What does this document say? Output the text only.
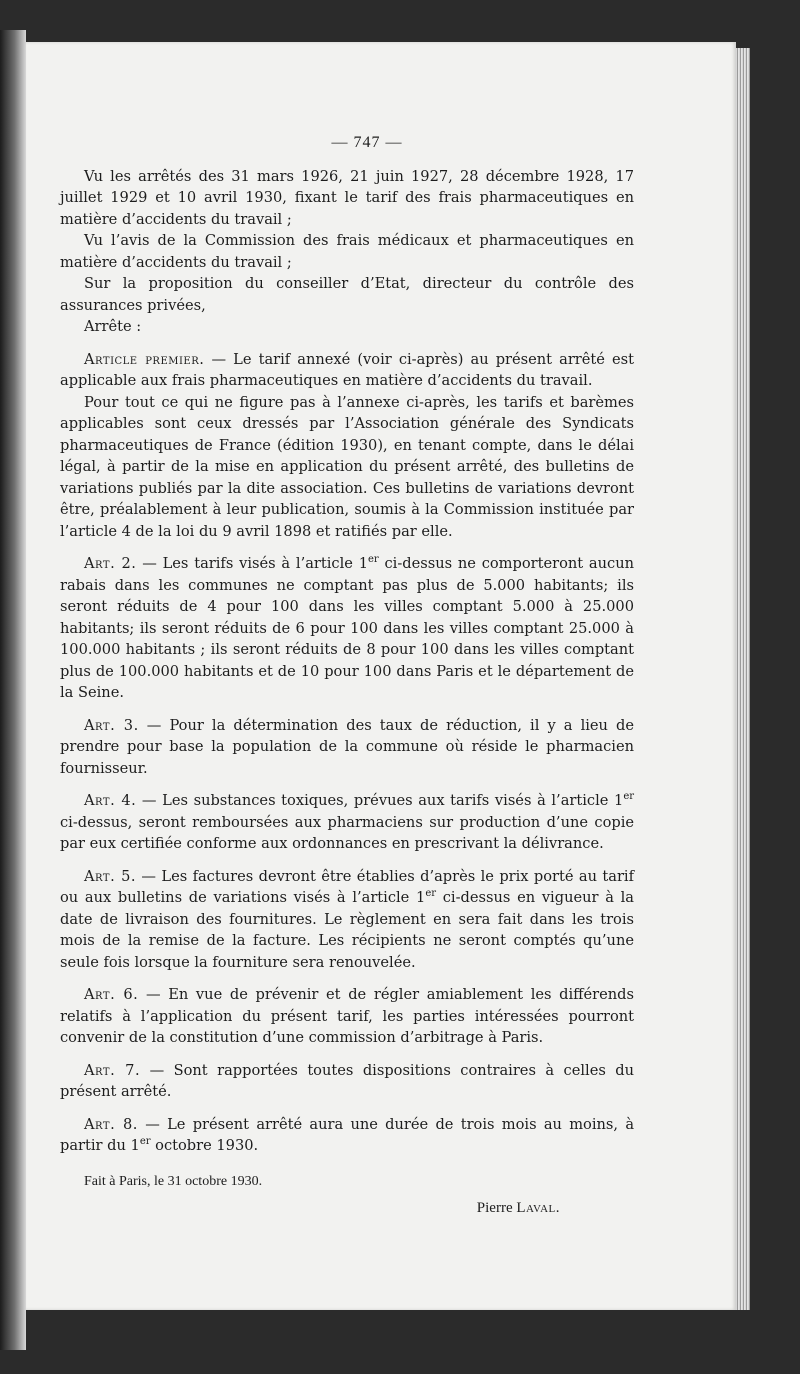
— 747 —

Vu les arrêtés des 31 mars 1926, 21 juin 1927, 28 décembre 1928, 17 juillet 1929 et 10 avril 1930, fixant le tarif des frais pharmaceutiques en matière d’accidents du travail ;

Vu l’avis de la Commission des frais médicaux et pharmaceutiques en matière d’accidents du travail ;

Sur la proposition du conseiller d’Etat, directeur du contrôle des assurances privées,

Arrête :

Article premier. — Le tarif annexé (voir ci-après) au présent arrêté est applicable aux frais pharmaceutiques en matière d’accidents du travail.

Pour tout ce qui ne figure pas à l’annexe ci-après, les tarifs et barèmes applicables sont ceux dressés par l’Association générale des Syndicats pharmaceutiques de France (édition 1930), en tenant compte, dans le délai légal, à partir de la mise en application du présent arrêté, des bulletins de variations publiés par la dite association. Ces bulletins de variations devront être, préalablement à leur publication, soumis à la Commission instituée par l’article 4 de la loi du 9 avril 1898 et ratifiés par elle.

Art. 2. — Les tarifs visés à l’article 1er ci-dessus ne comporteront aucun rabais dans les communes ne comptant pas plus de 5.000 habitants; ils seront réduits de 4 pour 100 dans les villes comptant 5.000 à 25.000 habitants; ils seront réduits de 6 pour 100 dans les villes comptant 25.000 à 100.000 habitants ; ils seront réduits de 8 pour 100 dans les villes comptant plus de 100.000 habitants et de 10 pour 100 dans Paris et le département de la Seine.

Art. 3. — Pour la détermination des taux de réduction, il y a lieu de prendre pour base la population de la commune où réside le pharmacien fournisseur.

Art. 4. — Les substances toxiques, prévues aux tarifs visés à l’article 1er ci-dessus, seront remboursées aux pharmaciens sur production d’une copie par eux certifiée conforme aux ordonnances en prescrivant la délivrance.

Art. 5. — Les factures devront être établies d’après le prix porté au tarif ou aux bulletins de variations visés à l’article 1er ci-dessus en vigueur à la date de livraison des fournitures. Le règlement en sera fait dans les trois mois de la remise de la facture. Les récipients ne seront comptés qu’une seule fois lorsque la fourniture sera renouvelée.

Art. 6. — En vue de prévenir et de régler amiablement les différends relatifs à l’application du présent tarif, les parties intéressées pourront convenir de la constitution d’une commission d’arbitrage à Paris.

Art. 7. — Sont rapportées toutes dispositions contraires à celles du présent arrêté.

Art. 8. — Le présent arrêté aura une durée de trois mois au moins, à partir du 1er octobre 1930.

Fait à Paris, le 31 octobre 1930.

Pierre Laval.
